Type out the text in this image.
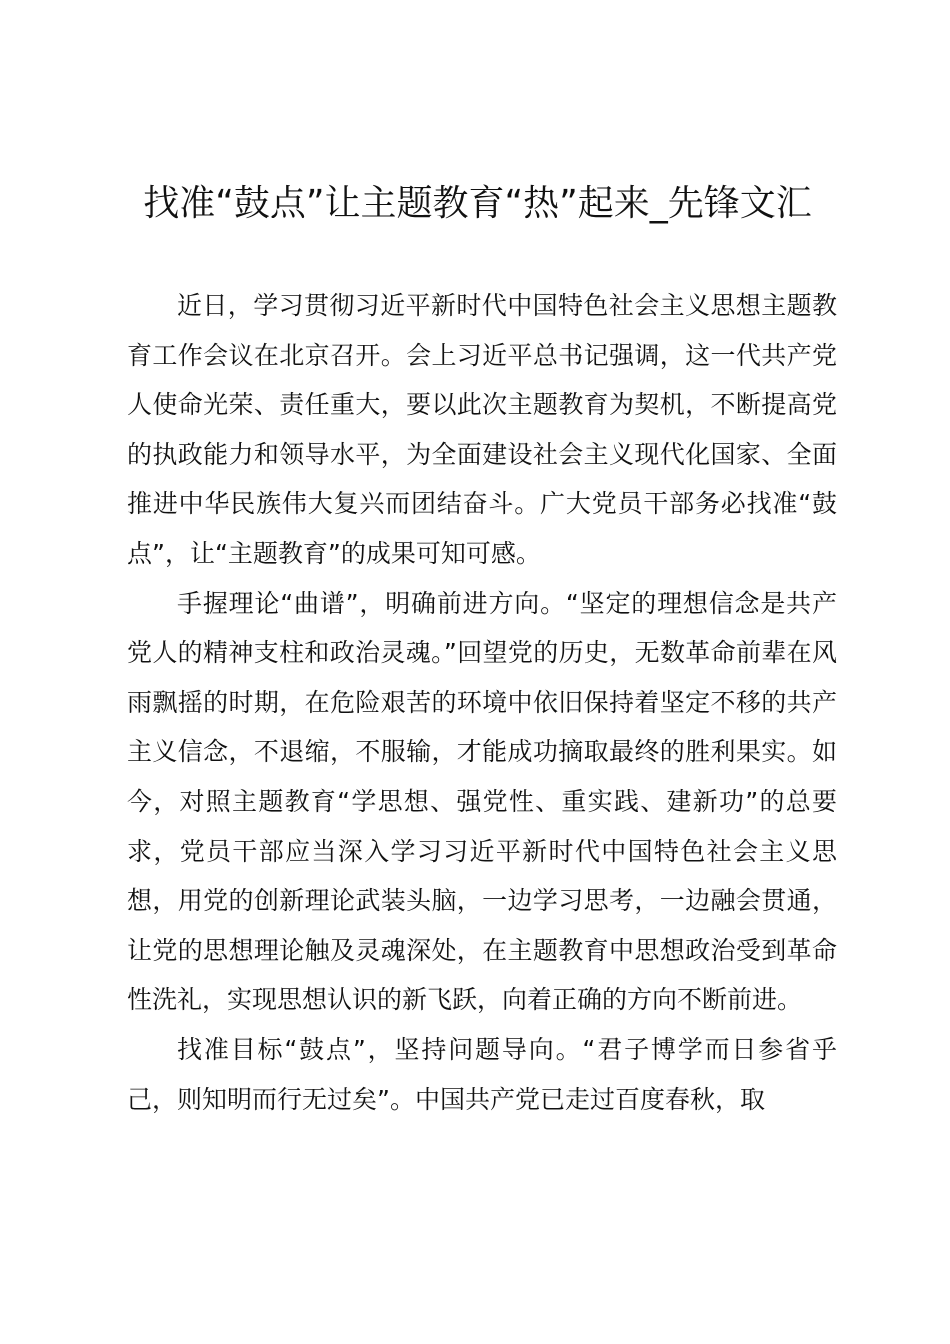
找准“鼓点”让主题教育“热”起来_先锋文汇

近日，学习贯彻习近平新时代中国特色社会主义思想主题教育工作会议在北京召开。会上习近平总书记强调，这一代共产党人使命光荣、责任重大，要以此次主题教育为契机，不断提高党的执政能力和领导水平，为全面建设社会主义现代化国家、全面推进中华民族伟大复兴而团结奋斗。广大党员干部务必找准“鼓点”，让“主题教育”的成果可知可感。

手握理论“曲谱”，明确前进方向。“坚定的理想信念是共产党人的精神支柱和政治灵魂。”回望党的历史，无数革命前辈在风雨飘摇的时期，在危险艰苦的环境中依旧保持着坚定不移的共产主义信念，不退缩，不服输，才能成功摘取最终的胜利果实。如今，对照主题教育“学思想、强党性、重实践、建新功”的总要求，党员干部应当深入学习习近平新时代中国特色社会主义思想，用党的创新理论武装头脑，一边学习思考，一边融会贯通，让党的思想理论触及灵魂深处，在主题教育中思想政治受到革命性洗礼，实现思想认识的新飞跃，向着正确的方向不断前进。

找准目标“鼓点”，坚持问题导向。“君子博学而日参省乎己，则知明而行无过矣”。中国共产党已走过百度春秋，取
